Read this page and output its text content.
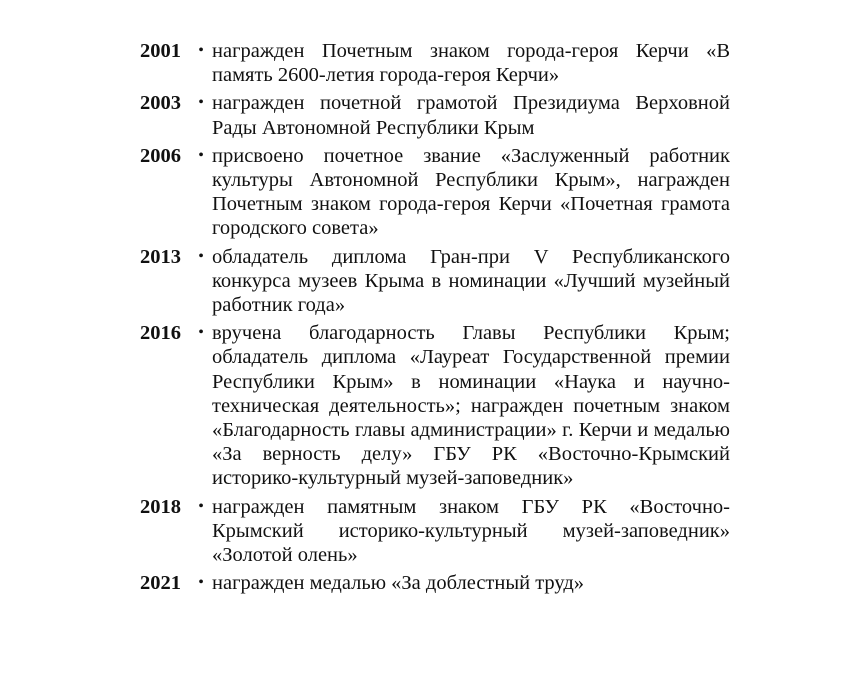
2001	• награжден Почетным знаком города-героя Керчи «В память 2600-летия города-героя Керчи»
2003	• награжден почетной грамотой Президиума Верховной Рады Автономной Республики Крым
2006	• присвоено почетное звание «Заслуженный работник культуры Автономной Республики Крым», награжден Почетным знаком города-героя Керчи «Почетная грамота городского совета»
2013	• обладатель диплома Гран-при V Республиканского конкурса музеев Крыма в номинации «Лучший музейный работник года»
2016	• вручена благодарность Главы Республики Крым; обладатель диплома «Лауреат Государственной премии Республики Крым» в номинации «Наука и научно-техническая деятельность»; награжден почетным знаком «Благодарность главы администрации» г. Керчи и медалью «За верность делу» ГБУ РК «Восточно-Крымский историко-культурный музей-заповедник»
2018	• награжден памятным знаком ГБУ РК «Восточно-Крымский историко-культурный музей-заповедник» «Золотой олень»
2021	• награжден медалью «За доблестный труд»
